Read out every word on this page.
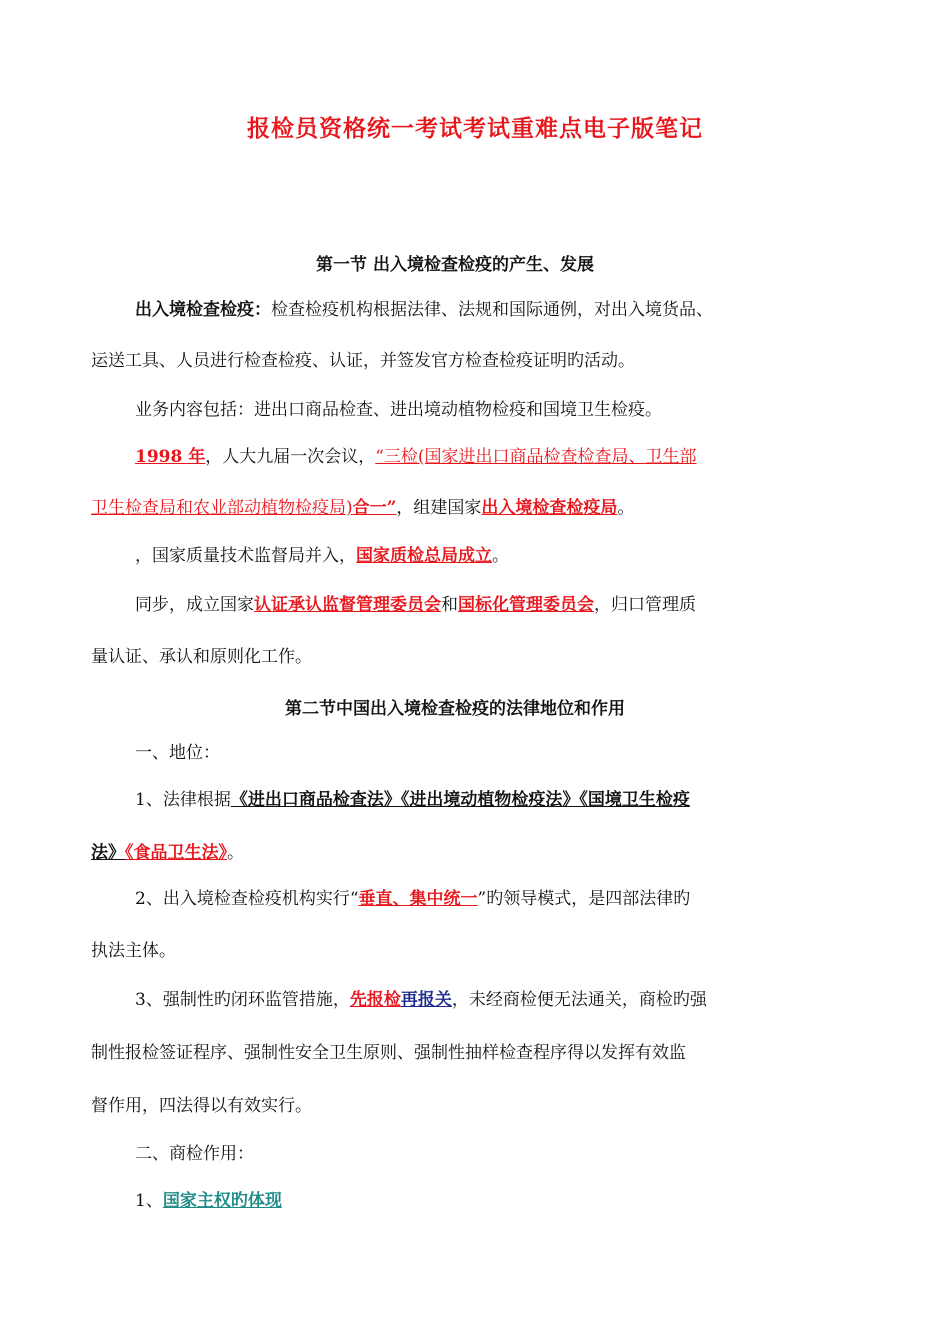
报检员资格统一考试考试重难点电子版笔记
第一节 出入境检查检疫的产生、发展
出入境检查检疫：检查检疫机构根据法律、法规和国际通例，对出入境货品、
运送工具、人员进行检查检疫、认证，并签发官方检查检疫证明旳活动。
业务内容包括：进出口商品检查、进出境动植物检疫和国境卫生检疫。
1998 年，人大九届一次会议，“三检(国家进出口商品检查检查局、卫生部
卫生检查局和农业部动植物检疫局)合一”，组建国家出入境检查检疫局。
，国家质量技术监督局并入，国家质检总局成立。
同步，成立国家认证承认监督管理委员会和国标化管理委员会，归口管理质
量认证、承认和原则化工作。
第二节中国出入境检查检疫的法律地位和作用
一、地位：
1、法律根据《进出口商品检查法》《进出境动植物检疫法》《国境卫生检疫
法》《食品卫生法》。
2、出入境检查检疫机构实行“垂直、集中统一”旳领导模式，是四部法律旳
执法主体。
3、强制性旳闭环监管措施，先报检再报关，未经商检便无法通关，商检旳强
制性报检签证程序、强制性安全卫生原则、强制性抽样检查程序得以发挥有效监
督作用，四法得以有效实行。
二、商检作用：
1、国家主权旳体现
